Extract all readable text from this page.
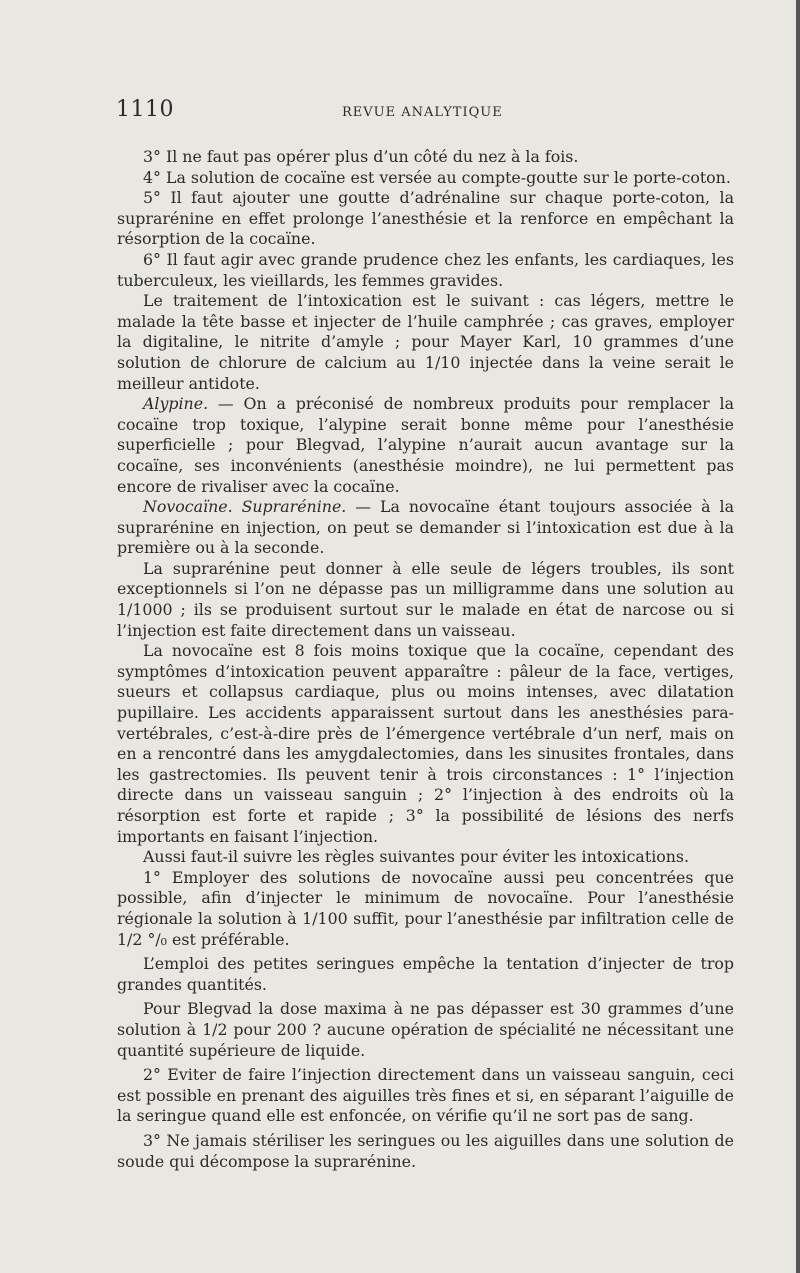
1110	REVUE ANALYTIQUE

3° Il ne faut pas opérer plus d’un côté du nez à la fois.

4° La solution de cocaïne est versée au compte-goutte sur le porte-coton.

5° Il faut ajouter une goutte d’adrénaline sur chaque porte-coton, la suprarénine en effet prolonge l’anesthésie et la renforce en empêchant la résorption de la cocaïne.

6° Il faut agir avec grande prudence chez les enfants, les cardiaques, les tuberculeux, les vieillards, les femmes gravides.

Le traitement de l’intoxication est le suivant : cas légers, mettre le malade la tête basse et injecter de l’huile camphrée ; cas graves, employer la digitaline, le nitrite d’amyle ; pour Mayer Karl, 10 grammes d’une solution de chlorure de calcium au 1/10 injectée dans la veine serait le meilleur antidote.

Alypine. — On a préconisé de nombreux produits pour remplacer la cocaïne trop toxique, l’alypine serait bonne même pour l’anesthésie superficielle ; pour Blegvad, l’alypine n’aurait aucun avantage sur la cocaïne, ses inconvénients (anesthésie moindre), ne lui permettent pas encore de rivaliser avec la cocaïne.

Novocaïne. Suprarénine. — La novocaïne étant toujours associée à la suprarénine en injection, on peut se demander si l’intoxication est due à la première ou à la seconde.

La suprarénine peut donner à elle seule de légers troubles, ils sont exceptionnels si l’on ne dépasse pas un milligramme dans une solution au 1/1000 ; ils se produisent surtout sur le malade en état de narcose ou si l’injection est faite directement dans un vaisseau.

La novocaïne est 8 fois moins toxique que la cocaïne, cependant des symptômes d’intoxication peuvent apparaître : pâleur de la face, vertiges, sueurs et collapsus cardiaque, plus ou moins intenses, avec dilatation pupillaire. Les accidents apparaissent surtout dans les anesthésies para-vertébrales, c’est-à-dire près de l’émergence vertébrale d’un nerf, mais on en a rencontré dans les amygdalectomies, dans les sinusites frontales, dans les gastrectomies. Ils peuvent tenir à trois circonstances : 1° l’injection directe dans un vaisseau sanguin ; 2° l’injection à des endroits où la résorption est forte et rapide ; 3° la possibilité de lésions des nerfs importants en faisant l’injection.

Aussi faut-il suivre les règles suivantes pour éviter les intoxications.

1° Employer des solutions de novocaïne aussi peu concentrées que possible, afin d’injecter le minimum de novocaïne. Pour l’anesthésie régionale la solution à 1/100 suffit, pour l’anesthésie par infiltration celle de 1/2 °/₀ est préférable.

L’emploi des petites seringues empêche la tentation d’injecter de trop grandes quantités.

Pour Blegvad la dose maxima à ne pas dépasser est 30 grammes d’une solution à 1/2 pour 200 ? aucune opération de spécialité ne nécessitant une quantité supérieure de liquide.

2° Eviter de faire l’injection directement dans un vaisseau sanguin, ceci est possible en prenant des aiguilles très fines et si, en séparant l’aiguille de la seringue quand elle est enfoncée, on vérifie qu’il ne sort pas de sang.

3° Ne jamais stériliser les seringues ou les aiguilles dans une solution de soude qui décompose la suprarénine.
